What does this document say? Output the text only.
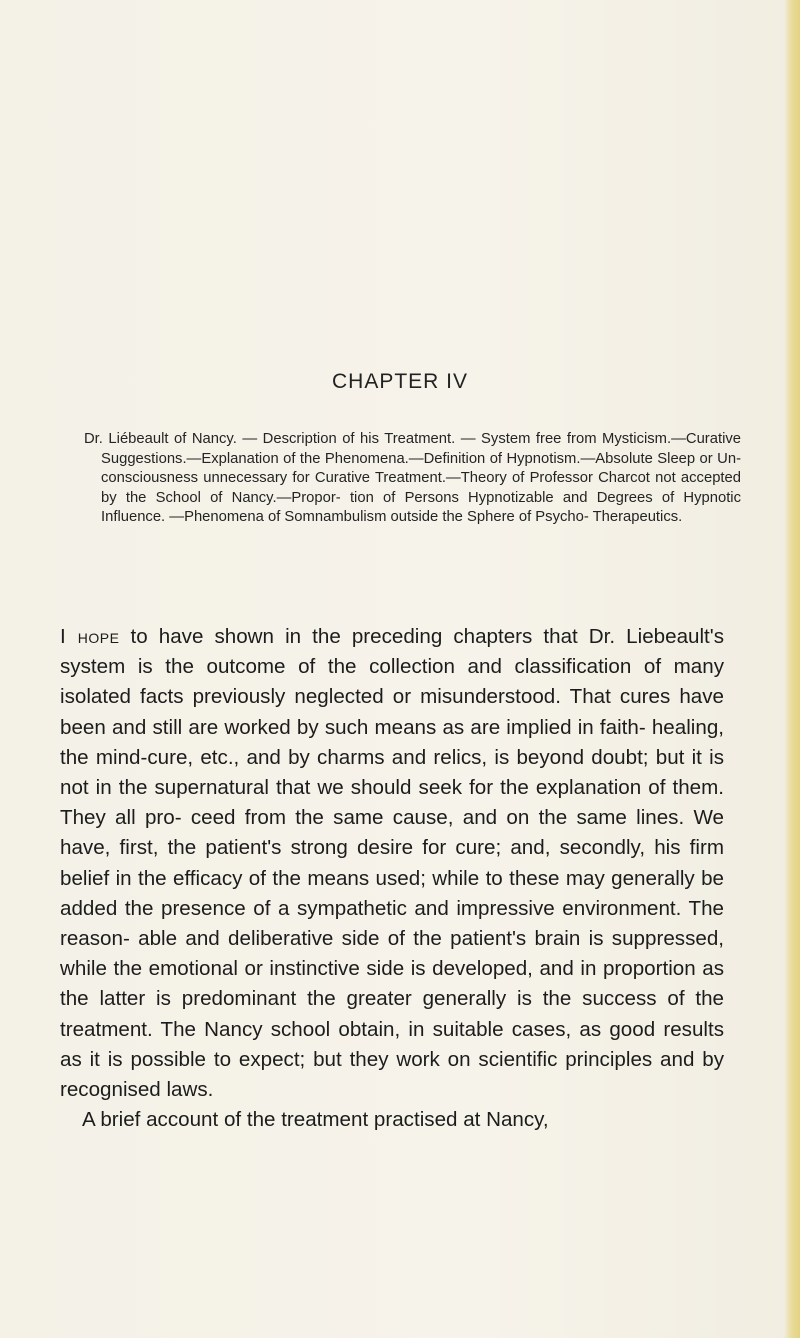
CHAPTER IV

Dr. Liébeault of Nancy. — Description of his Treatment. — System free from Mysticism.—Curative Suggestions.—Explanation of the Phenomena.—Definition of Hypnotism.—Absolute Sleep or Un- consciousness unnecessary for Curative Treatment.—Theory of Professor Charcot not accepted by the School of Nancy.—Propor- tion of Persons Hypnotizable and Degrees of Hypnotic Influence. —Phenomena of Somnambulism outside the Sphere of Psycho- Therapeutics.

I hope to have shown in the preceding chapters that Dr. Liebeault's system is the outcome of the collection and classification of many isolated facts previously neglected or misunderstood. That cures have been and still are worked by such means as are implied in faith- healing, the mind-cure, etc., and by charms and relics, is beyond doubt; but it is not in the supernatural that we should seek for the explanation of them. They all pro- ceed from the same cause, and on the same lines. We have, first, the patient's strong desire for cure; and, secondly, his firm belief in the efficacy of the means used; while to these may generally be added the presence of a sympathetic and impressive environment. The reason- able and deliberative side of the patient's brain is suppressed, while the emotional or instinctive side is developed, and in proportion as the latter is predominant the greater generally is the success of the treatment. The Nancy school obtain, in suitable cases, as good results as it is possible to expect; but they work on scientific principles and by recognised laws.

A brief account of the treatment practised at Nancy,
